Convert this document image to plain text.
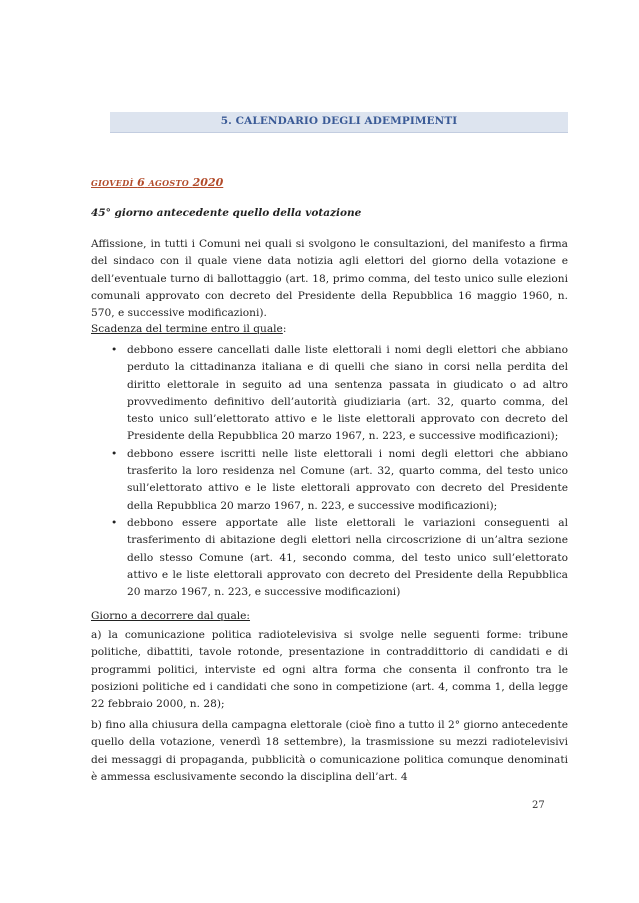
5. CALENDARIO DEGLI ADEMPIMENTI
GIOVEDÌ 6 AGOSTO 2020
45° giorno antecedente quello della votazione
Affissione, in tutti i Comuni nei quali si svolgono le consultazioni, del manifesto a firma del sindaco con il quale viene data notizia agli elettori del giorno della votazione e dell’eventuale turno di ballottaggio (art. 18, primo comma, del testo unico sulle elezioni comunali approvato con decreto del Presidente della Repubblica 16 maggio 1960, n. 570, e successive modificazioni).
Scadenza del termine entro il quale:
• debbono essere cancellati dalle liste elettorali i nomi degli elettori che abbiano perduto la cittadinanza italiana e di quelli che siano in corsi nella perdita del diritto elettorale in seguito ad una sentenza passata in giudicato o ad altro provvedimento definitivo dell’autorità giudiziaria (art. 32, quarto comma, del testo unico sull’elettorato attivo e le liste elettorali approvato con decreto del Presidente della Repubblica 20 marzo 1967, n. 223, e successive modificazioni);
• debbono essere iscritti nelle liste elettorali i nomi degli elettori che abbiano trasferito la loro residenza nel Comune (art. 32, quarto comma, del testo unico sull’elettorato attivo e le liste elettorali approvato con decreto del Presidente della Repubblica 20 marzo 1967, n. 223, e successive modificazioni);
• debbono essere apportate alle liste elettorali le variazioni conseguenti al trasferimento di abitazione degli elettori nella circoscrizione di un’altra sezione dello stesso Comune (art. 41, secondo comma, del testo unico sull’elettorato attivo e le liste elettorali approvato con decreto del Presidente della Repubblica 20 marzo 1967, n. 223, e successive modificazioni)
Giorno a decorrere dal quale:
a) la comunicazione politica radiotelevisiva si svolge nelle seguenti forme: tribune politiche, dibattiti, tavole rotonde, presentazione in contraddittorio di candidati e di programmi politici, interviste ed ogni altra forma che consenta il confronto tra le posizioni politiche ed i candidati che sono in competizione (art. 4, comma 1, della legge 22 febbraio 2000, n. 28);
b) fino alla chiusura della campagna elettorale (cioè fino a tutto il 2° giorno antecedente quello della votazione, venerdì 18 settembre), la trasmissione su mezzi radiotelevisivi dei messaggi di propaganda, pubblicità o comunicazione politica comunque denominati è ammessa esclusivamente secondo la disciplina dell’art. 4
27
